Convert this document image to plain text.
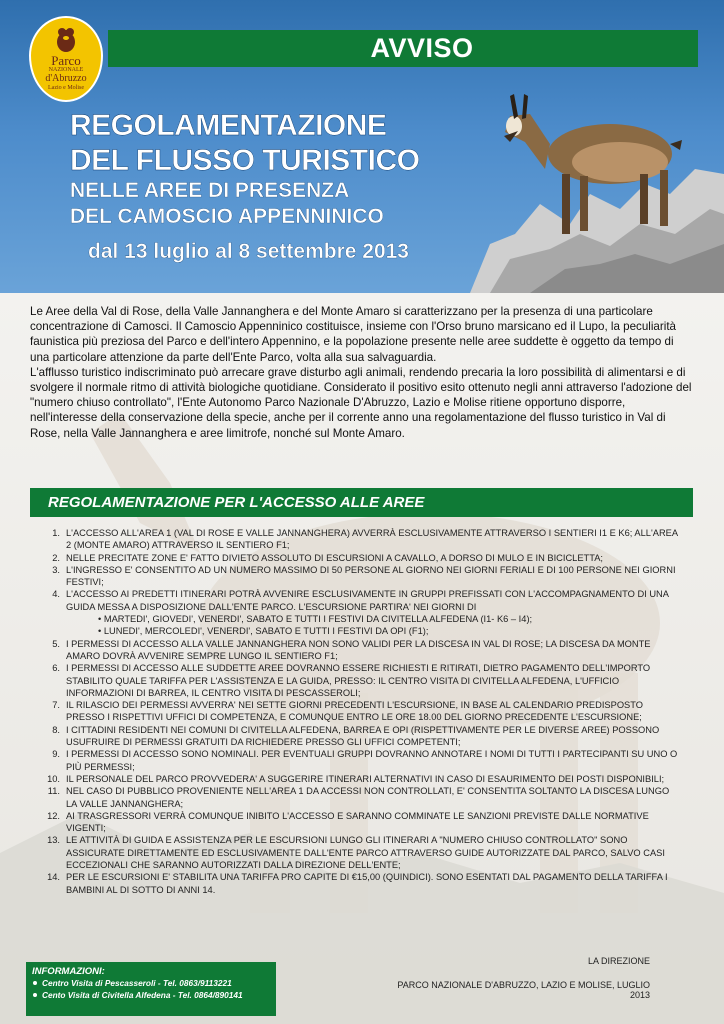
Parco
NAZIONALE
d'Abruzzo
Lazio e Molise
AVVISO
REGOLAMENTAZIONE
DEL FLUSSO TURISTICO
NELLE AREE DI PRESENZA
DEL CAMOSCIO APPENNINICO
dal 13 luglio al 8 settembre 2013

Le Aree della Val di Rose, della Valle Jannanghera e del Monte Amaro si caratterizzano per la presenza di una particolare concentrazione di Camosci. Il Camoscio Appenninico costituisce, insieme con l'Orso bruno marsicano ed il Lupo, la peculiarità faunistica più preziosa del Parco e dell'intero Appennino, e la popolazione presente nelle aree suddette è oggetto da tempo di una particolare attenzione da parte dell'Ente Parco, volta alla sua salvaguardia.

L'afflusso turistico indiscriminato può arrecare grave disturbo agli animali, rendendo precaria la loro possibilità di alimentarsi e di svolgere il normale ritmo di attività biologiche quotidiane. Considerato il positivo esito ottenuto negli anni attraverso l'adozione del "numero chiuso controllato", l'Ente Autonomo Parco Nazionale D'Abruzzo, Lazio e Molise ritiene opportuno disporre, nell'interesse della conservazione della specie, anche per il corrente anno una regolamentazione del flusso turistico in Val di Rose, nella Valle Jannanghera e aree limitrofe, nonché sul Monte Amaro.

REGOLAMENTAZIONE PER L'ACCESSO ALLE AREE
1. L'ACCESSO ALL'AREA 1 (VAL DI ROSE E VALLE JANNANGHERA) AVVERRÀ ESCLUSIVAMENTE ATTRAVERSO I SENTIERI I1 E K6; ALL'AREA 2 (MONTE AMARO) ATTRAVERSO IL SENTIERO F1;
2. NELLE PRECITATE ZONE E' FATTO DIVIETO ASSOLUTO DI ESCURSIONI A CAVALLO, A DORSO DI MULO E IN BICICLETTA;
3. L'INGRESSO E' CONSENTITO AD UN NUMERO MASSIMO DI 50 PERSONE AL GIORNO NEI GIORNI FERIALI E DI 100 PERSONE NEI GIORNI FESTIVI;
4. L'ACCESSO AI PREDETTI ITINERARI POTRÀ AVVENIRE ESCLUSIVAMENTE IN GRUPPI PREFISSATI CON L'ACCOMPAGNAMENTO DI UNA GUIDA MESSA A DISPOSIZIONE DALL'ENTE PARCO. L'ESCURSIONE PARTIRA' NEI GIORNI DI
• MARTEDI', GIOVEDI', VENERDI', SABATO E TUTTI I FESTIVI DA CIVITELLA ALFEDENA (I1- K6 – I4);
• LUNEDI', MERCOLEDI', VENERDI', SABATO E TUTTI I FESTIVI DA OPI (F1);
5. I PERMESSI DI ACCESSO ALLA VALLE JANNANGHERA NON SONO VALIDI PER LA DISCESA IN VAL DI ROSE; LA DISCESA DA MONTE AMARO DOVRÀ AVVENIRE SEMPRE LUNGO IL SENTIERO F1;
6. I PERMESSI DI ACCESSO ALLE SUDDETTE AREE DOVRANNO ESSERE RICHIESTI E RITIRATI, DIETRO PAGAMENTO DELL'IMPORTO STABILITO QUALE TARIFFA PER L'ASSISTENZA E LA GUIDA, PRESSO: IL CENTRO VISITA DI CIVITELLA ALFEDENA, L'UFFICIO INFORMAZIONI DI BARREA, IL CENTRO VISITA DI PESCASSEROLI;
7. IL RILASCIO DEI PERMESSI AVVERRA' NEI SETTE GIORNI PRECEDENTI L'ESCURSIONE, IN BASE AL CALENDARIO PREDISPOSTO PRESSO I RISPETTIVI UFFICI DI COMPETENZA, E COMUNQUE ENTRO LE ORE 18.00 DEL GIORNO PRECEDENTE L'ESCURSIONE;
8. I CITTADINI RESIDENTI NEI COMUNI DI CIVITELLA ALFEDENA, BARREA E OPI (RISPETTIVAMENTE PER LE DIVERSE AREE) POSSONO USUFRUIRE DI PERMESSI GRATUITI DA RICHIEDERE PRESSO GLI UFFICI COMPETENTI;
9. I PERMESSI DI ACCESSO SONO NOMINALI. PER EVENTUALI GRUPPI DOVRANNO ANNOTARE I NOMI DI TUTTI I PARTECIPANTI SU UNO O PIÙ PERMESSI;
10. IL PERSONALE DEL PARCO PROVVEDERA' A SUGGERIRE ITINERARI ALTERNATIVI IN CASO DI ESAURIMENTO DEI POSTI DISPONIBILI;
11. NEL CASO DI PUBBLICO PROVENIENTE NELL'AREA 1 DA ACCESSI NON CONTROLLATI, E' CONSENTITA SOLTANTO LA DISCESA LUNGO LA VALLE JANNANGHERA;
12. AI TRASGRESSORI VERRÀ COMUNQUE INIBITO L'ACCESSO E SARANNO COMMINATE LE SANZIONI PREVISTE DALLE NORMATIVE VIGENTI;
13. LE ATTIVITÀ DI GUIDA E ASSISTENZA PER LE ESCURSIONI LUNGO GLI ITINERARI A "NUMERO CHIUSO CONTROLLATO" SONO ASSICURATE DIRETTAMENTE ED ESCLUSIVAMENTE DALL'ENTE PARCO ATTRAVERSO GUIDE AUTORIZZATE DAL PARCO, SALVO CASI ECCEZIONALI CHE SARANNO AUTORIZZATI DALLA DIREZIONE DELL'ENTE;
14. PER LE ESCURSIONI E' STABILITA UNA TARIFFA PRO CAPITE DI €15,00 (QUINDICI). SONO ESENTATI DAL PAGAMENTO DELLA TARIFFA I BAMBINI AL DI SOTTO DI ANNI 14.
LA DIREZIONE
PARCO NAZIONALE D'ABRUZZO, LAZIO E MOLISE, LUGLIO 2013
INFORMAZIONI:
Centro Visita di Pescasseroli - Tel. 0863/9113221
Cento Visita di Civitella Alfedena - Tel. 0864/890141
